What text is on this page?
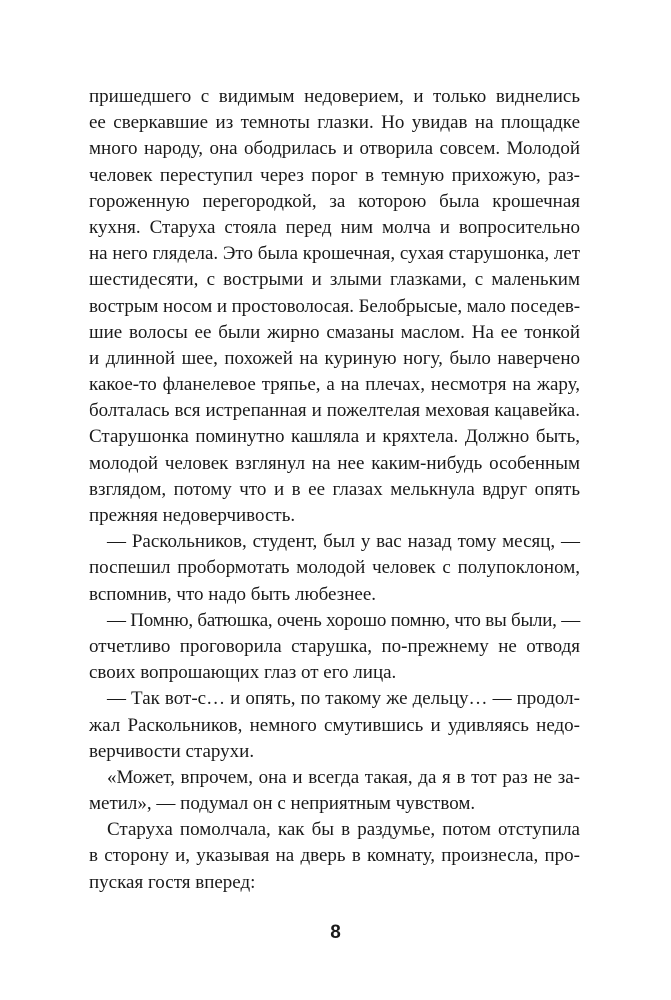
пришедшего с видимым недоверием, и только виднелись
ее сверкавшие из темноты глазки. Но увидав на площадке
много народу, она ободрилась и отворила совсем. Молодой
человек переступил через порог в темную прихожую, раз-
гороженную перегородкой, за которою была крошечная
кухня. Старуха стояла перед ним молча и вопросительно
на него глядела. Это была крошечная, сухая старушонка, лет
шестидесяти, с вострыми и злыми глазками, с маленьким
вострым носом и простоволосая. Белобрысые, мало поседев-
шие волосы ее были жирно смазаны маслом. На ее тонкой
и длинной шее, похожей на куриную ногу, было наверчено
какое-то фланелевое тряпье, а на плечах, несмотря на жару,
болталась вся истрепанная и пожелтелая меховая кацавейка.
Старушонка поминутно кашляла и кряхтела. Должно быть,
молодой человек взглянул на нее каким-нибудь особенным
взглядом, потому что и в ее глазах мелькнула вдруг опять
прежняя недоверчивость.
— Раскольников, студент, был у вас назад тому месяц, —
поспешил пробормотать молодой человек с полупоклоном,
вспомнив, что надо быть любезнее.
— Помню, батюшка, очень хорошо помню, что вы были, —
отчетливо проговорила старушка, по-прежнему не отводя
своих вопрошающих глаз от его лица.
— Так вот-с… и опять, по такому же дельцу… — продол-
жал Раскольников, немного смутившись и удивляясь недо-
верчивости старухи.
«Может, впрочем, она и всегда такая, да я в тот раз не за-
метил», — подумал он с неприятным чувством.
Старуха помолчала, как бы в раздумье, потом отступила
в сторону и, указывая на дверь в комнату, произнесла, про-
пуская гостя вперед:
8
